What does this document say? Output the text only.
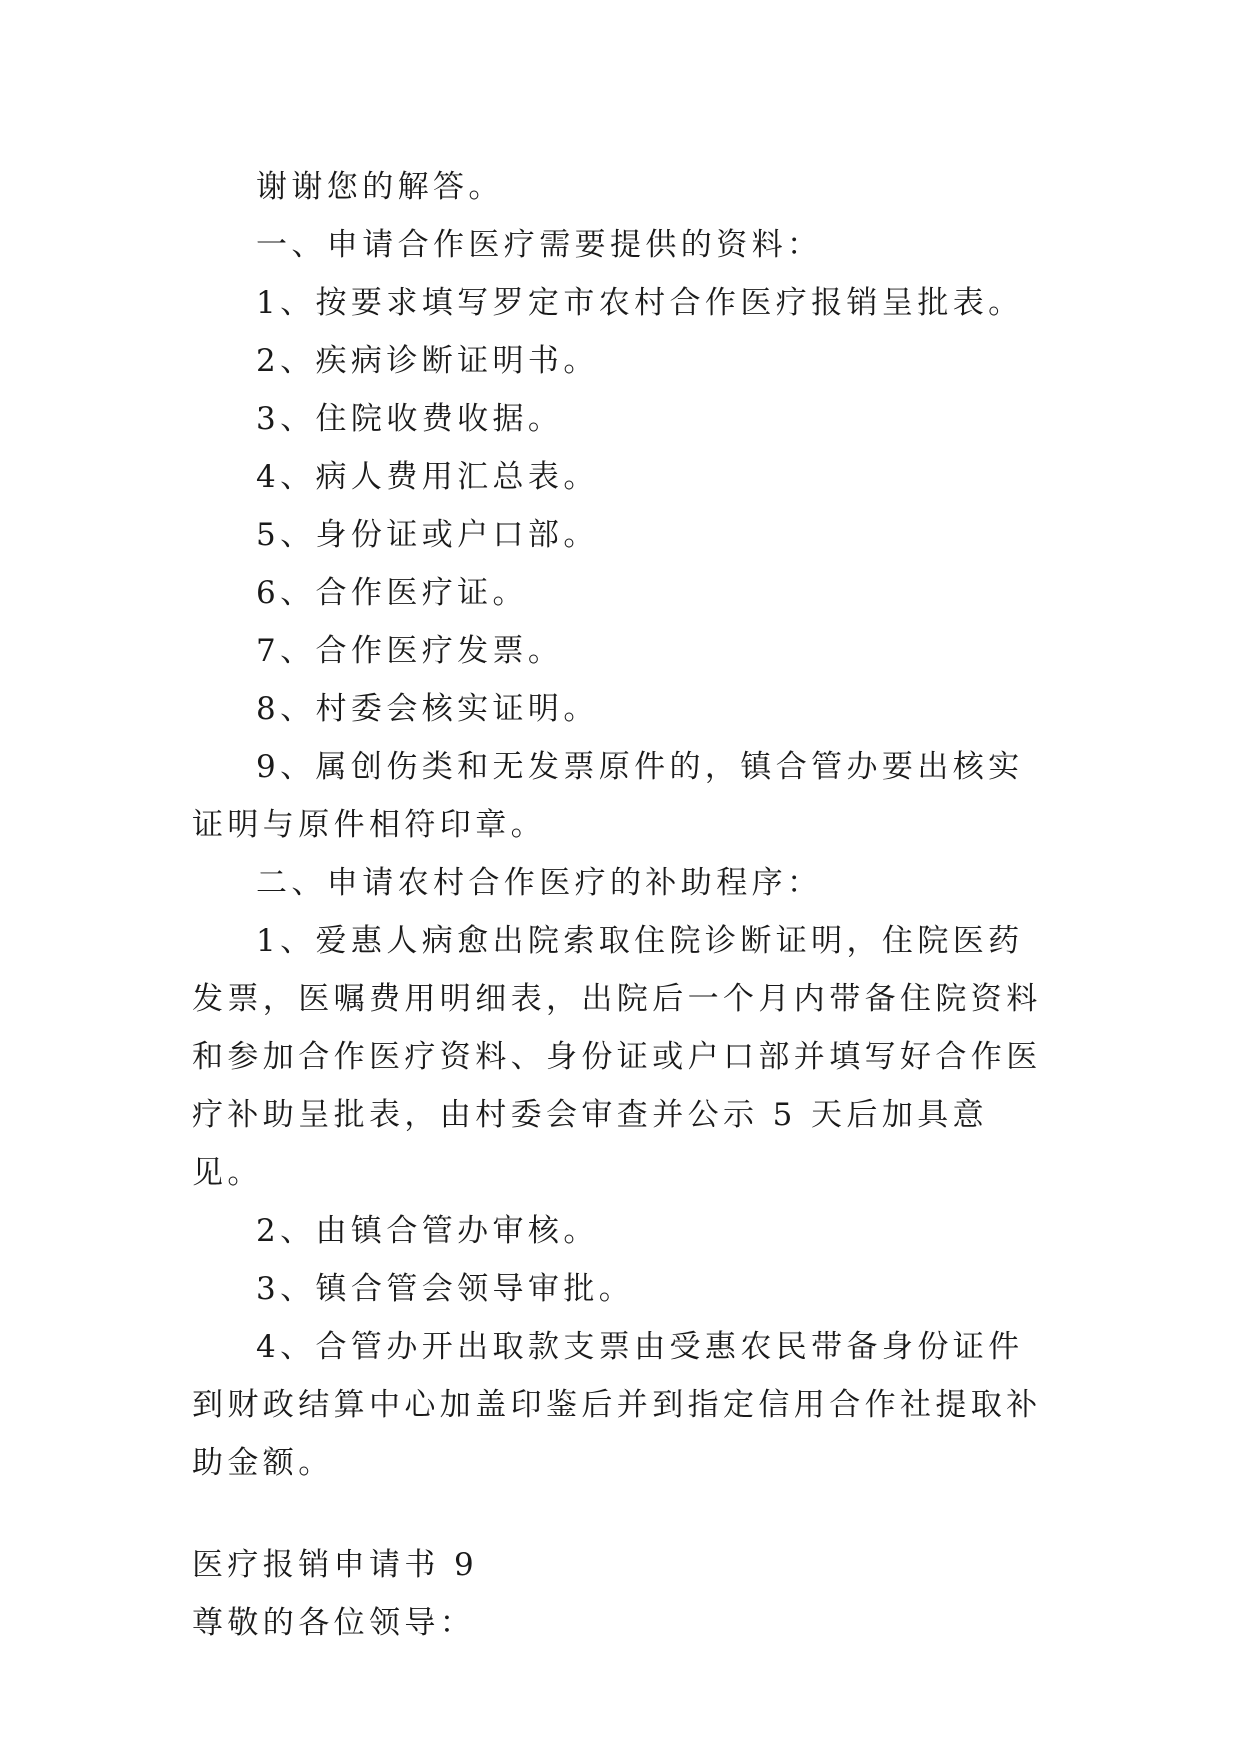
谢谢您的解答。

一、申请合作医疗需要提供的资料：

1、按要求填写罗定市农村合作医疗报销呈批表。

2、疾病诊断证明书。

3、住院收费收据。

4、病人费用汇总表。

5、身份证或户口部。

6、合作医疗证。

7、合作医疗发票。

8、村委会核实证明。

9、属创伤类和无发票原件的，镇合管办要出核实证明与原件相符印章。

二、申请农村合作医疗的补助程序：

1、爱惠人病愈出院索取住院诊断证明，住院医药发票，医嘱费用明细表，出院后一个月内带备住院资料和参加合作医疗资料、身份证或户口部并填写好合作医疗补助呈批表，由村委会审查并公示 5 天后加具意见。

2、由镇合管办审核。

3、镇合管会领导审批。

4、合管办开出取款支票由受惠农民带备身份证件到财政结算中心加盖印鉴后并到指定信用合作社提取补助金额。

医疗报销申请书 9

尊敬的各位领导：
